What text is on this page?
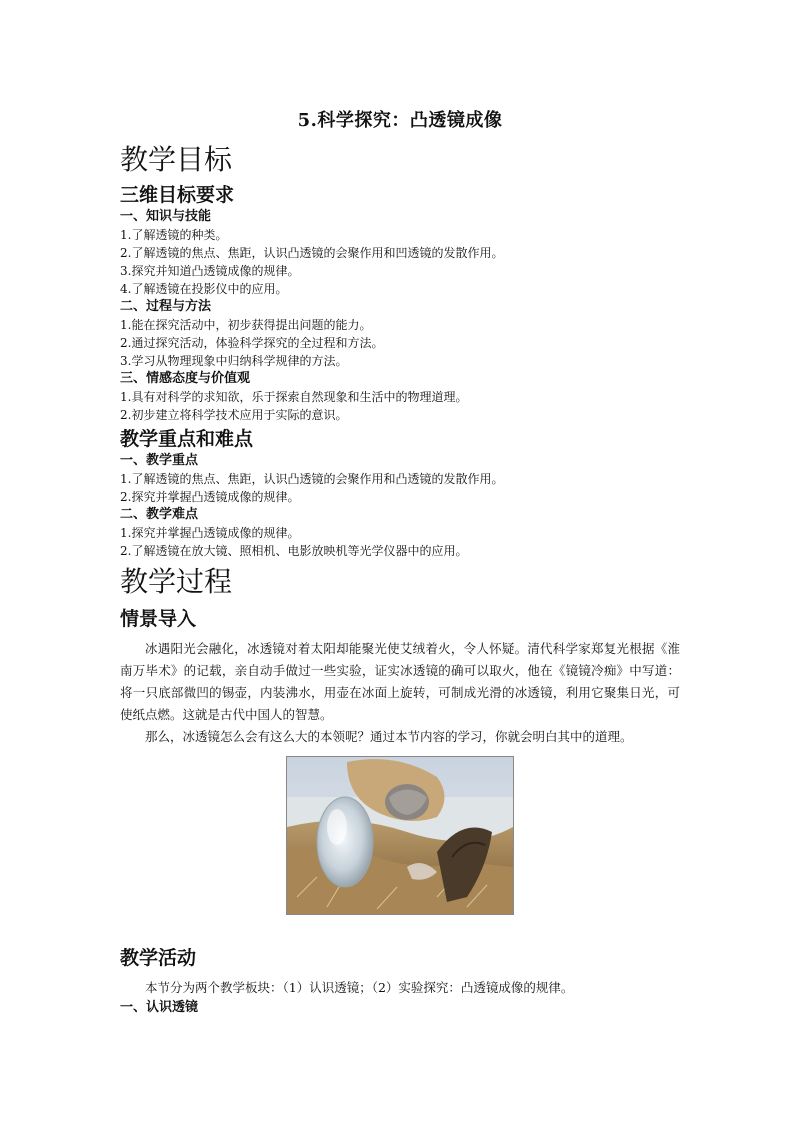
5.科学探究：凸透镜成像
教学目标
三维目标要求
一、知识与技能
1.了解透镜的种类。
2.了解透镜的焦点、焦距，认识凸透镜的会聚作用和凹透镜的发散作用。
3.探究并知道凸透镜成像的规律。
4.了解透镜在投影仪中的应用。
二、过程与方法
1.能在探究活动中，初步获得提出问题的能力。
2.通过探究活动，体验科学探究的全过程和方法。
3.学习从物理现象中归纳科学规律的方法。
三、情感态度与价值观
1.具有对科学的求知欲，乐于探索自然现象和生活中的物理道理。
2.初步建立将科学技术应用于实际的意识。
教学重点和难点
一、教学重点
1.了解透镜的焦点、焦距，认识凸透镜的会聚作用和凸透镜的发散作用。
2.探究并掌握凸透镜成像的规律。
二、教学难点
1.探究并掌握凸透镜成像的规律。
2.了解透镜在放大镜、照相机、电影放映机等光学仪器中的应用。
教学过程
情景导入

冰遇阳光会融化，冰透镜对着太阳却能聚光使艾绒着火，令人怀疑。清代科学家郑复光根据《淮南万毕术》的记载，亲自动手做过一些实验，证实冰透镜的确可以取火，他在《镜镜冷痴》中写道：将一只底部微凹的锡壶，内装沸水，用壶在冰面上旋转，可制成光滑的冰透镜，利用它聚集日光，可使纸点燃。这就是古代中国人的智慧。

那么，冰透镜怎么会有这么大的本领呢？通过本节内容的学习，你就会明白其中的道理。

教学活动

本节分为两个教学板块：（1）认识透镜；（2）实验探究：凸透镜成像的规律。

一、认识透镜
